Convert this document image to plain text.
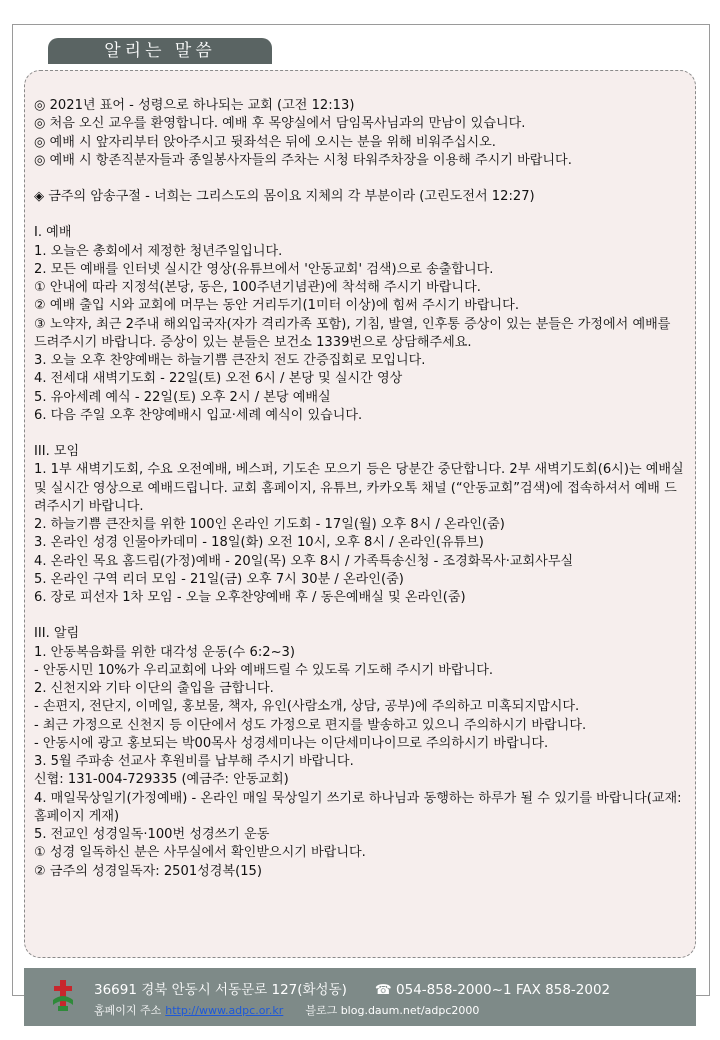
알리는 말씀
◎ 2021년 표어 - 성령으로 하나되는 교회 (고전 12:13)
◎ 처음 오신 교우를 환영합니다. 예배 후 목양실에서 담임목사님과의 만남이 있습니다.
◎ 예배 시 앞자리부터 앉아주시고 뒷좌석은 뒤에 오시는 분을 위해 비워주십시오.
◎ 예배 시 항존직분자들과 종일봉사자들의 주차는 시청 타워주차장을 이용해 주시기 바랍니다.
◈ 금주의 암송구절 - 너희는 그리스도의 몸이요 지체의 각 부분이라 (고린도전서 12:27)
I. 예배
1. 오늘은 총회에서 제정한 청년주일입니다.
2. 모든 예배를 인터넷 실시간 영상(유튜브에서 '안동교회' 검색)으로 송출합니다.
① 안내에 따라 지정석(본당, 동은, 100주년기념관)에 착석해 주시기 바랍니다.
② 예배 출입 시와 교회에 머무는 동안 거리두기(1미터 이상)에 힘써 주시기 바랍니다.
③ 노약자, 최근 2주내 해외입국자(자가 격리가족 포함), 기침, 발열, 인후통 증상이 있는 분들은 가정에서 예배를 드려주시기 바랍니다. 증상이 있는 분들은 보건소 1339번으로 상담해주세요.
3. 오늘 오후 찬양예배는 하늘기쁨 큰잔치 전도 간증집회로 모입니다.
4. 전세대 새벽기도회 - 22일(토) 오전 6시 / 본당 및 실시간 영상
5. 유아세례 예식 - 22일(토) 오후 2시 / 본당 예배실
6. 다음 주일 오후 찬양예배시 입교·세례 예식이 있습니다.
III. 모임
1. 1부 새벽기도회, 수요 오전예배, 베스퍼, 기도손 모으기 등은 당분간 중단합니다. 2부 새벽기도회(6시)는 예배실 및 실시간 영상으로 예배드립니다. 교회 홈페이지, 유튜브, 카카오톡 채널 (“안동교회”검색)에 접속하셔서 예배 드려주시기 바랍니다.
2. 하늘기쁨 큰잔치를 위한 100인 온라인 기도회 - 17일(월) 오후 8시 / 온라인(줌)
3. 온라인 성경 인물아카데미 - 18일(화) 오전 10시, 오후 8시 / 온라인(유튜브)
4. 온라인 목요 홈드림(가정)예배 - 20일(목) 오후 8시 / 가족특송신청 - 조경화목사·교회사무실
5. 온라인 구역 리더 모임 - 21일(금) 오후 7시 30분 / 온라인(줌)
6. 장로 피선자 1차 모임 - 오늘 오후찬양예배 후 / 동은예배실 및 온라인(줌)
III. 알림
1. 안동복음화를 위한 대각성 운동(수 6:2~3)
- 안동시민 10%가 우리교회에 나와 예배드릴 수 있도록 기도해 주시기 바랍니다.
2. 신천지와 기타 이단의 출입을 금합니다.
- 손편지, 전단지, 이메일, 홍보물, 책자, 유인(사람소개, 상담, 공부)에 주의하고 미혹되지맙시다.
- 최근 가정으로 신천지 등 이단에서 성도 가정으로 편지를 발송하고 있으니 주의하시기 바랍니다.
- 안동시에 광고 홍보되는 박00목사 성경세미나는 이단세미나이므로 주의하시기 바랍니다.
3. 5월 주파송 선교사 후원비를 납부해 주시기 바랍니다.
신협: 131-004-729335 (예금주: 안동교회)
4. 매일묵상일기(가정예배) - 온라인 매일 묵상일기 쓰기로 하나님과 동행하는 하루가 될 수 있기를 바랍니다(교재: 홈페이지 게재)
5. 전교인 성경일독·100번 성경쓰기 운동
① 성경 일독하신 분은 사무실에서 확인받으시기 바랍니다.
② 금주의 성경일독자: 2501성경복(15)
36691 경북 안동시 서동문로 127(화성동) ☎ 054-858-2000~1 FAX 858-2002
홈페이지 주소 http://www.adpc.or.kr 블로그 blog.daum.net/adpc2000
